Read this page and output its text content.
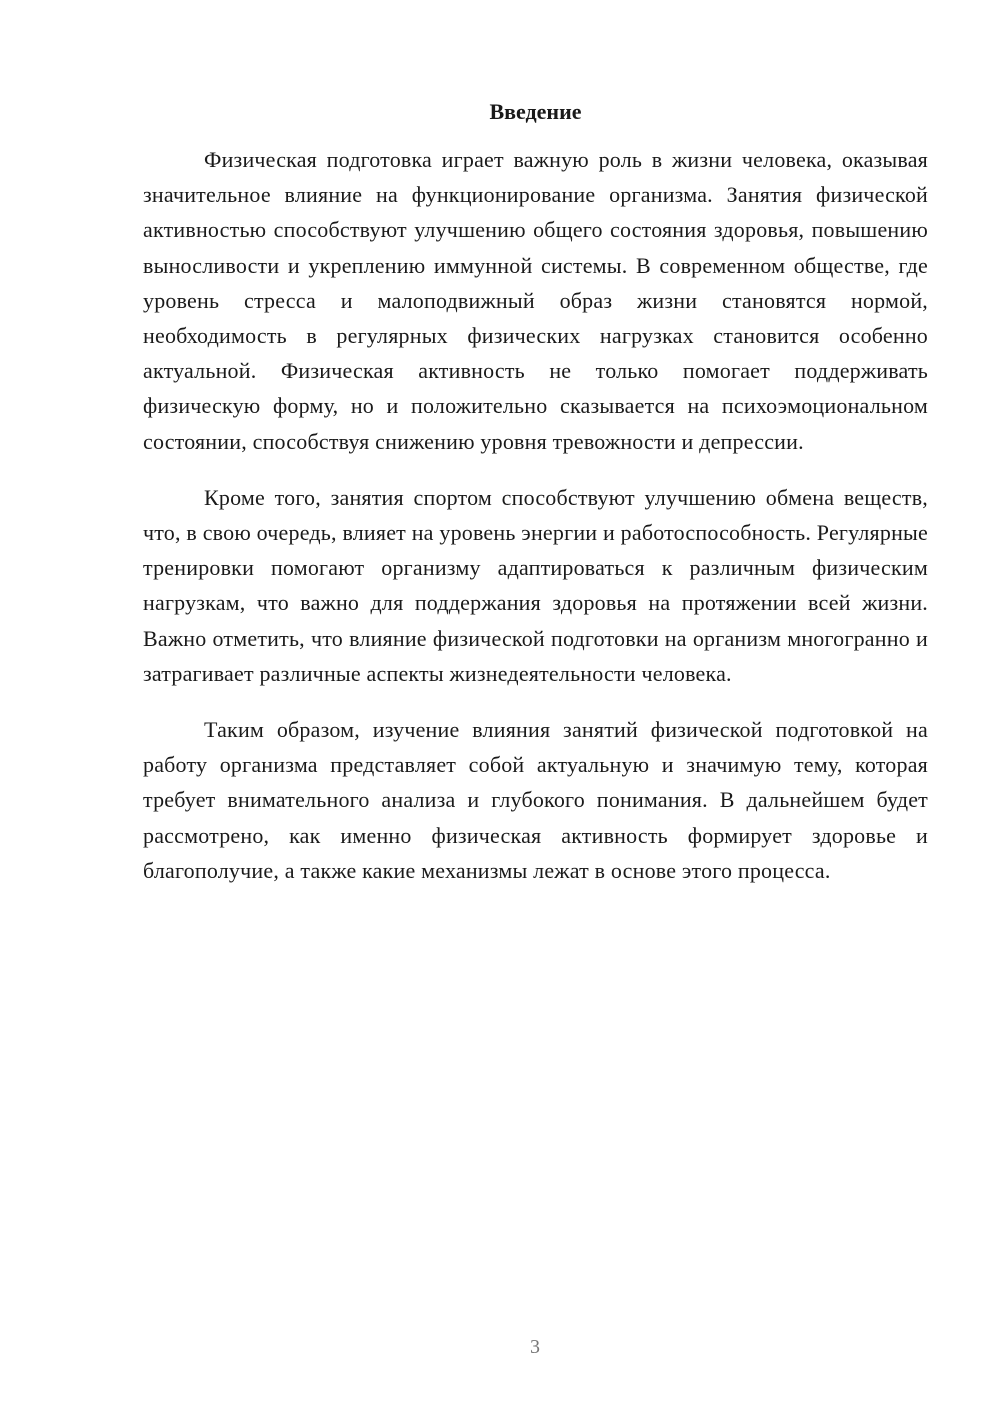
Введение

Физическая подготовка играет важную роль в жизни человека, оказывая значительное влияние на функционирование организма. Занятия физической активностью способствуют улучшению общего состояния здоровья, повышению выносливости и укреплению иммунной системы. В современном обществе, где уровень стресса и малоподвижный образ жизни становятся нормой, необходимость в регулярных физических нагрузках становится особенно актуальной. Физическая активность не только помогает поддерживать физическую форму, но и положительно сказывается на психоэмоциональном состоянии, способствуя снижению уровня тревожности и депрессии.

Кроме того, занятия спортом способствуют улучшению обмена веществ, что, в свою очередь, влияет на уровень энергии и работоспособность. Регулярные тренировки помогают организму адаптироваться к различным физическим нагрузкам, что важно для поддержания здоровья на протяжении всей жизни. Важно отметить, что влияние физической подготовки на организм многогранно и затрагивает различные аспекты жизнедеятельности человека.

Таким образом, изучение влияния занятий физической подготовкой на работу организма представляет собой актуальную и значимую тему, которая требует внимательного анализа и глубокого понимания. В дальнейшем будет рассмотрено, как именно физическая активность формирует здоровье и благополучие, а также какие механизмы лежат в основе этого процесса.

3
